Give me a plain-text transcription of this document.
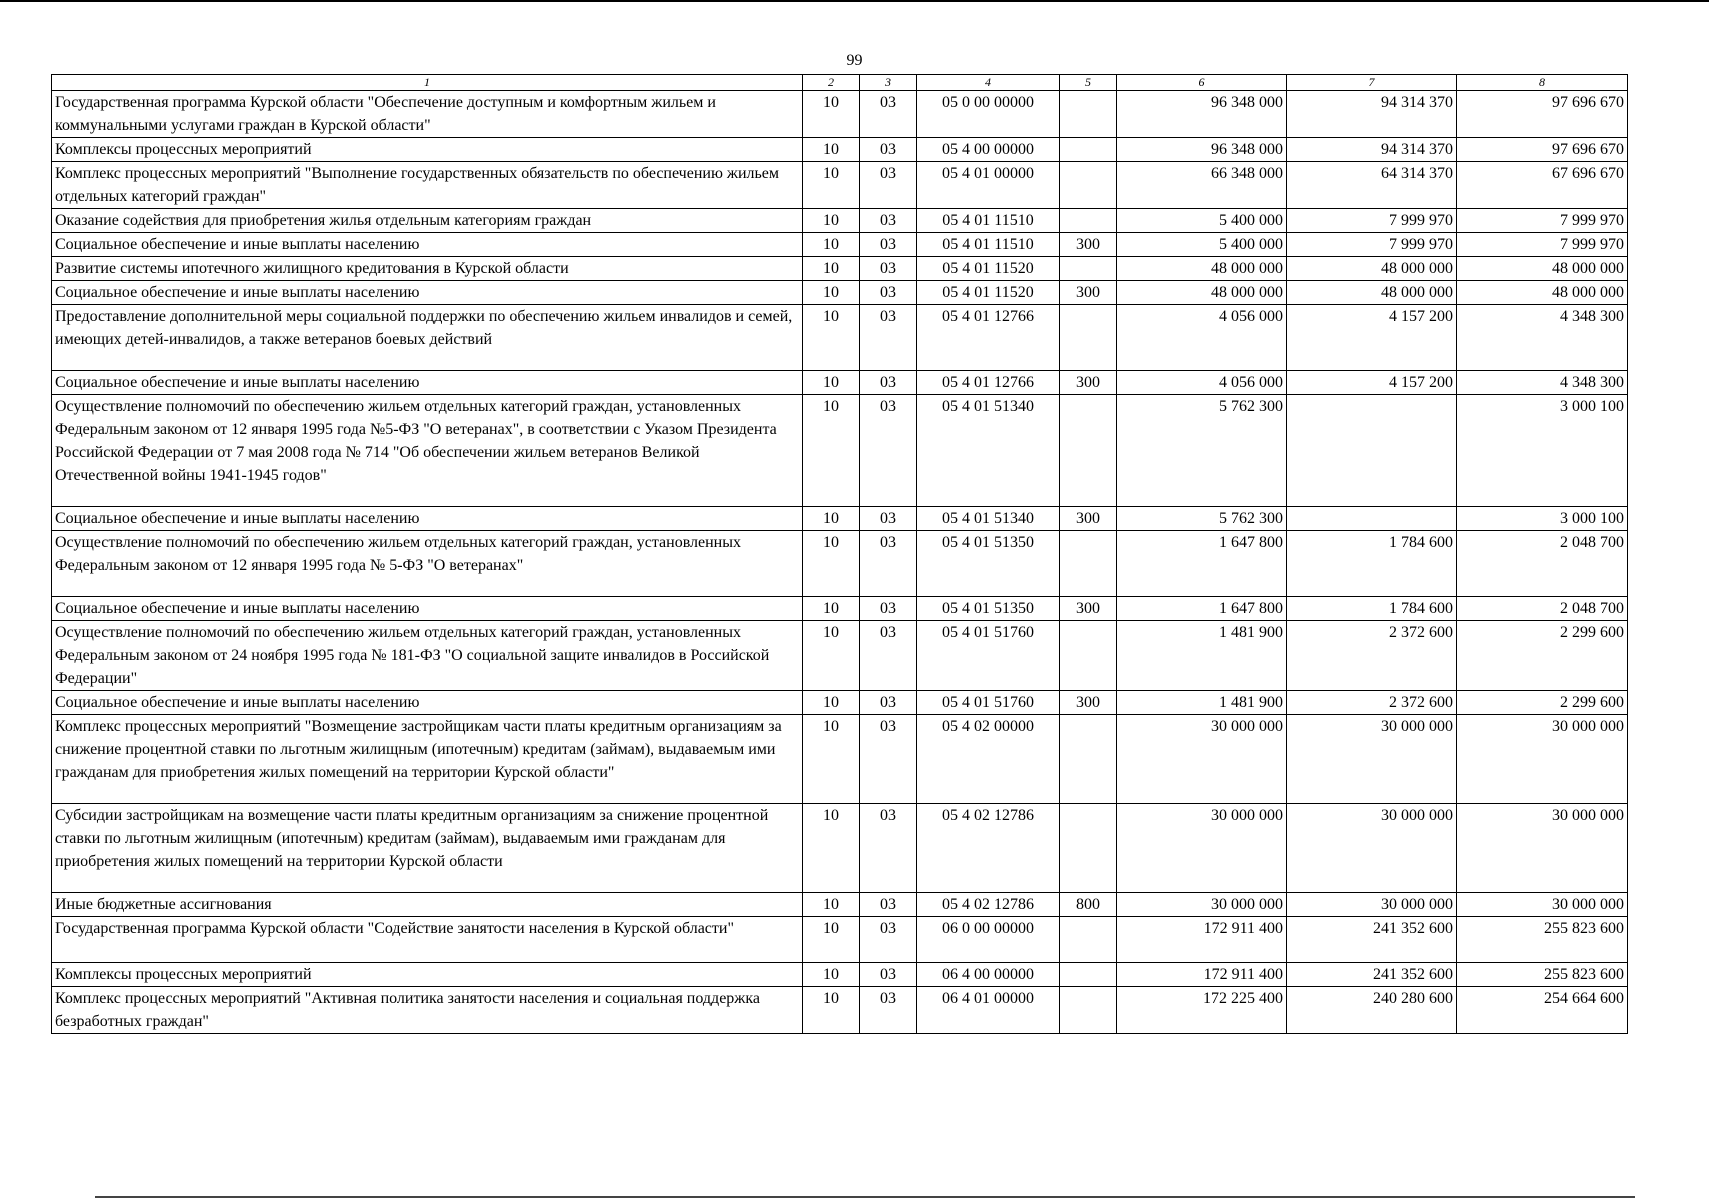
99
1	2	3	4	5	6	7	8
Государственная программа Курской области "Обеспечение доступным и комфортным жильем и коммунальными услугами граждан в Курской области"	10	03	05 0 00 00000		96 348 000	94 314 370	97 696 670
Комплексы процессных мероприятий	10	03	05 4 00 00000		96 348 000	94 314 370	97 696 670
Комплекс процессных мероприятий "Выполнение государственных обязательств по обеспечению жильем отдельных категорий граждан"	10	03	05 4 01 00000		66 348 000	64 314 370	67 696 670
Оказание содействия для приобретения жилья отдельным категориям граждан	10	03	05 4 01 11510		5 400 000	7 999 970	7 999 970
Социальное обеспечение и иные выплаты населению	10	03	05 4 01 11510	300	5 400 000	7 999 970	7 999 970
Развитие системы ипотечного жилищного кредитования в Курской области	10	03	05 4 01 11520		48 000 000	48 000 000	48 000 000
Социальное обеспечение и иные выплаты населению	10	03	05 4 01 11520	300	48 000 000	48 000 000	48 000 000
Предоставление дополнительной меры социальной поддержки по обеспечению жильем инвалидов и семей, имеющих детей-инвалидов, а также ветеранов боевых действий	10	03	05 4 01 12766		4 056 000	4 157 200	4 348 300
Социальное обеспечение и иные выплаты населению	10	03	05 4 01 12766	300	4 056 000	4 157 200	4 348 300
Осуществление полномочий по обеспечению жильем отдельных категорий граждан, установленных Федеральным законом от 12 января 1995 года №5-ФЗ "О ветеранах", в соответствии с Указом Президента Российской Федерации от 7 мая 2008 года № 714 "Об обеспечении жильем ветеранов Великой Отечественной войны 1941-1945 годов"	10	03	05 4 01 51340		5 762 300		3 000 100
Социальное обеспечение и иные выплаты населению	10	03	05 4 01 51340	300	5 762 300		3 000 100
Осуществление полномочий по обеспечению жильем отдельных категорий граждан, установленных Федеральным законом от 12 января 1995 года № 5-ФЗ "О ветеранах"	10	03	05 4 01 51350		1 647 800	1 784 600	2 048 700
Социальное обеспечение и иные выплаты населению	10	03	05 4 01 51350	300	1 647 800	1 784 600	2 048 700
Осуществление полномочий по обеспечению жильем отдельных категорий граждан, установленных Федеральным законом от 24 ноября 1995 года № 181-ФЗ "О социальной защите инвалидов в Российской Федерации"	10	03	05 4 01 51760		1 481 900	2 372 600	2 299 600
Социальное обеспечение и иные выплаты населению	10	03	05 4 01 51760	300	1 481 900	2 372 600	2 299 600
Комплекс процессных мероприятий "Возмещение застройщикам части платы кредитным организациям за снижение процентной ставки по льготным жилищным (ипотечным) кредитам (займам), выдаваемым ими гражданам для приобретения жилых помещений на территории Курской области"	10	03	05 4 02 00000		30 000 000	30 000 000	30 000 000
Субсидии застройщикам на возмещение части платы кредитным организациям за снижение процентной ставки по льготным жилищным (ипотечным) кредитам (займам), выдаваемым ими гражданам для приобретения жилых помещений на территории Курской области	10	03	05 4 02 12786		30 000 000	30 000 000	30 000 000
Иные бюджетные ассигнования	10	03	05 4 02 12786	800	30 000 000	30 000 000	30 000 000
Государственная программа Курской области "Содействие занятости населения в Курской области"	10	03	06 0 00 00000		172 911 400	241 352 600	255 823 600
Комплексы процессных мероприятий	10	03	06 4 00 00000		172 911 400	241 352 600	255 823 600
Комплекс процессных мероприятий "Активная политика занятости населения и социальная поддержка безработных граждан"	10	03	06 4 01 00000		172 225 400	240 280 600	254 664 600
